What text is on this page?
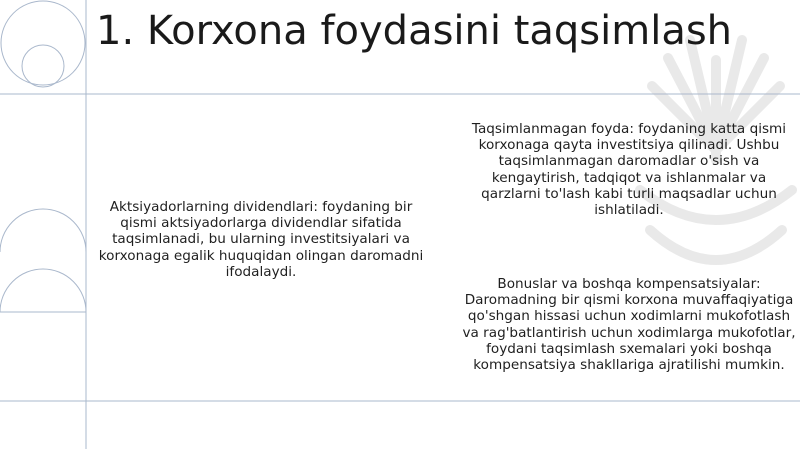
1. Korxona foydasini taqsimlash

Aktsiyadorlarning dividendlari: foydaning bir qismi aktsiyadorlarga dividendlar sifatida taqsimlanadi, bu ularning investitsiyalari va korxonaga egalik huquqidan olingan daromadni ifodalaydi.

Taqsimlanmagan foyda: foydaning katta qismi korxonaga qayta investitsiya qilinadi. Ushbu taqsimlanmagan daromadlar o'sish va kengaytirish, tadqiqot va ishlanmalar va qarzlarni to'lash kabi turli maqsadlar uchun ishlatiladi.

Bonuslar va boshqa kompensatsiyalar: Daromadning bir qismi korxona muvaffaqiyatiga qo'shgan hissasi uchun xodimlarni mukofotlash va rag'batlantirish uchun xodimlarga mukofotlar, foydani taqsimlash sxemalari yoki boshqa kompensatsiya shakllariga ajratilishi mumkin.
